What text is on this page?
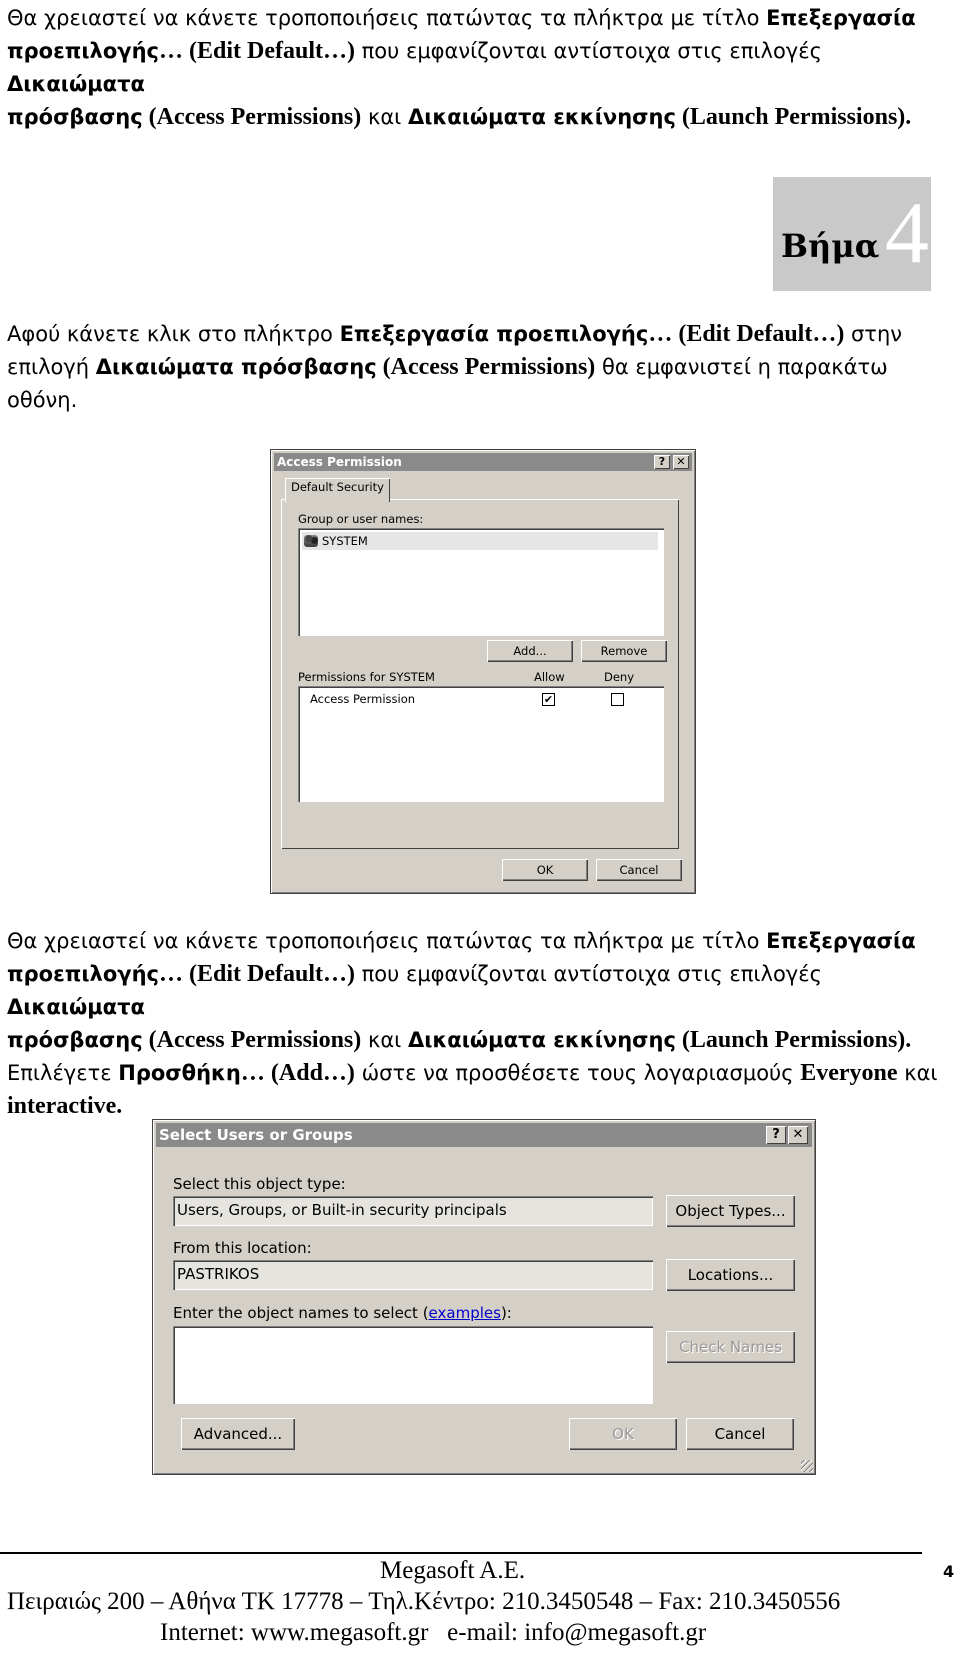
Θα χρειαστεί να κάνετε τροποποιήσεις πατώντας τα πλήκτρα με τίτλο Επεξεργασία
προεπιλογής… (Edit Default…) που εμφανίζονται αντίστοιχα στις επιλογές Δικαιώματα
πρόσβασης (Access Permissions) και Δικαιώματα εκκίνησης (Launch Permissions).
Βήμα 4
Αφού κάνετε κλικ στο πλήκτρο Επεξεργασία προεπιλογής… (Edit Default…) στην
επιλογή Δικαιώματα πρόσβασης (Access Permissions) θα εμφανιστεί η παρακάτω
οθόνη.
Access Permission	?	✕
Default Security
Group or user names:
SYSTEM
Add...	Remove
Permissions for SYSTEM	Allow	Deny
Access Permission	✔
OK	Cancel
Θα χρειαστεί να κάνετε τροποποιήσεις πατώντας τα πλήκτρα με τίτλο Επεξεργασία
προεπιλογής… (Edit Default…) που εμφανίζονται αντίστοιχα στις επιλογές Δικαιώματα
πρόσβασης (Access Permissions) και Δικαιώματα εκκίνησης (Launch Permissions).
Επιλέγετε Προσθήκη… (Add…) ώστε να προσθέσετε τους λογαριασμούς Everyone και
interactive.
Select Users or Groups	? ✕
Select this object type:
Users, Groups, or Built-in security principals	Object Types...
From this location:
PASTRIKOS	Locations...
Enter the object names to select (examples):
Check Names
Advanced...	OK	Cancel
Megasoft A.E.
Πειραιώς 200 – Αθήνα ΤΚ 17778 – Τηλ.Κέντρο: 210.3450548 – Fax: 210.3450556
Internet: www.megasoft.gr   e-mail: info@megasoft.gr
4
